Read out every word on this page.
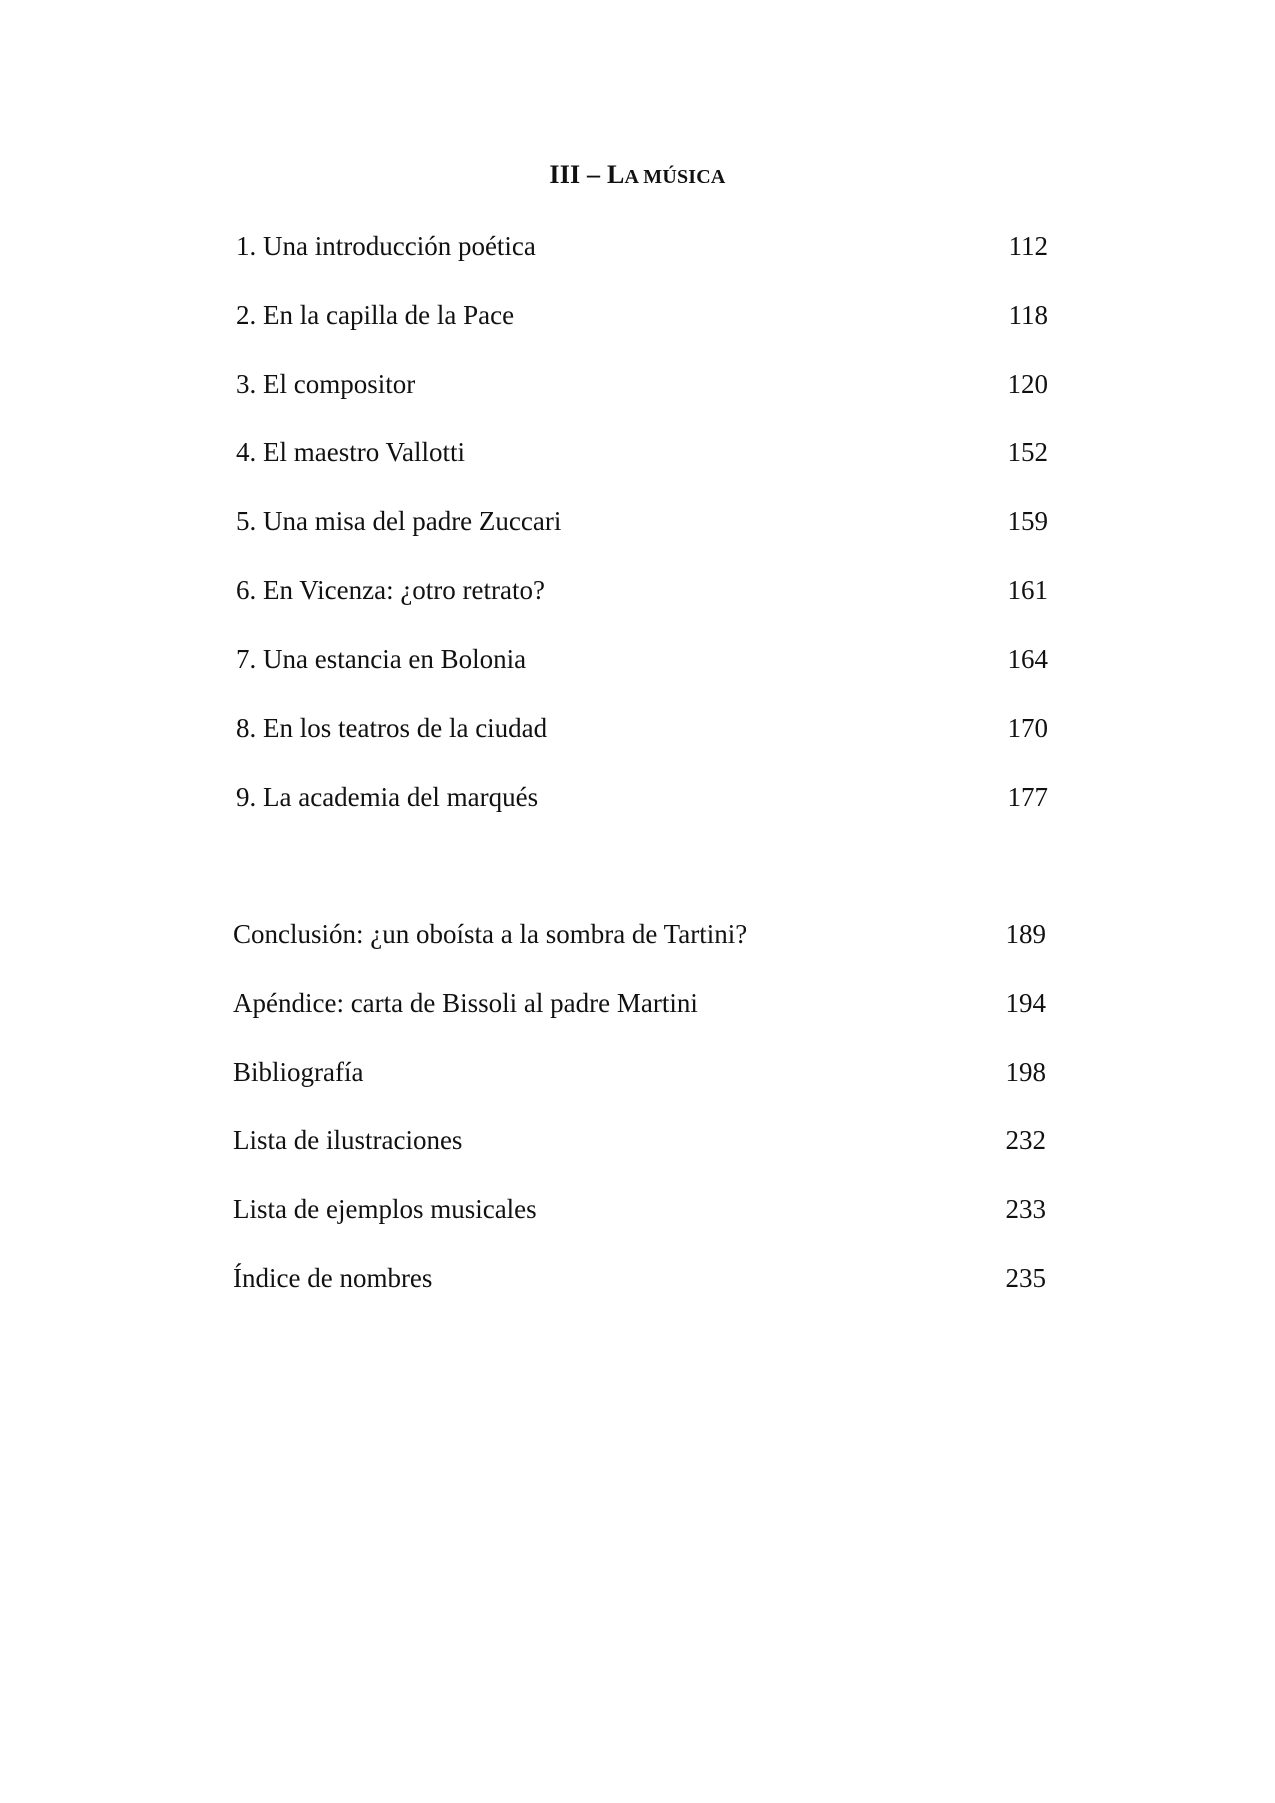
III – LA MÚSICA
1. Una introducción poética	112
2. En la capilla de la Pace	118
3. El compositor	120
4. El maestro Vallotti	152
5. Una misa del padre Zuccari	159
6. En Vicenza: ¿otro retrato?	161
7. Una estancia en Bolonia	164
8. En los teatros de la ciudad	170
9. La academia del marqués	177
Conclusión: ¿un oboísta a la sombra de Tartini?	189
Apéndice: carta de Bissoli al padre Martini	194
Bibliografía	198
Lista de ilustraciones	232
Lista de ejemplos musicales	233
Índice de nombres	235
